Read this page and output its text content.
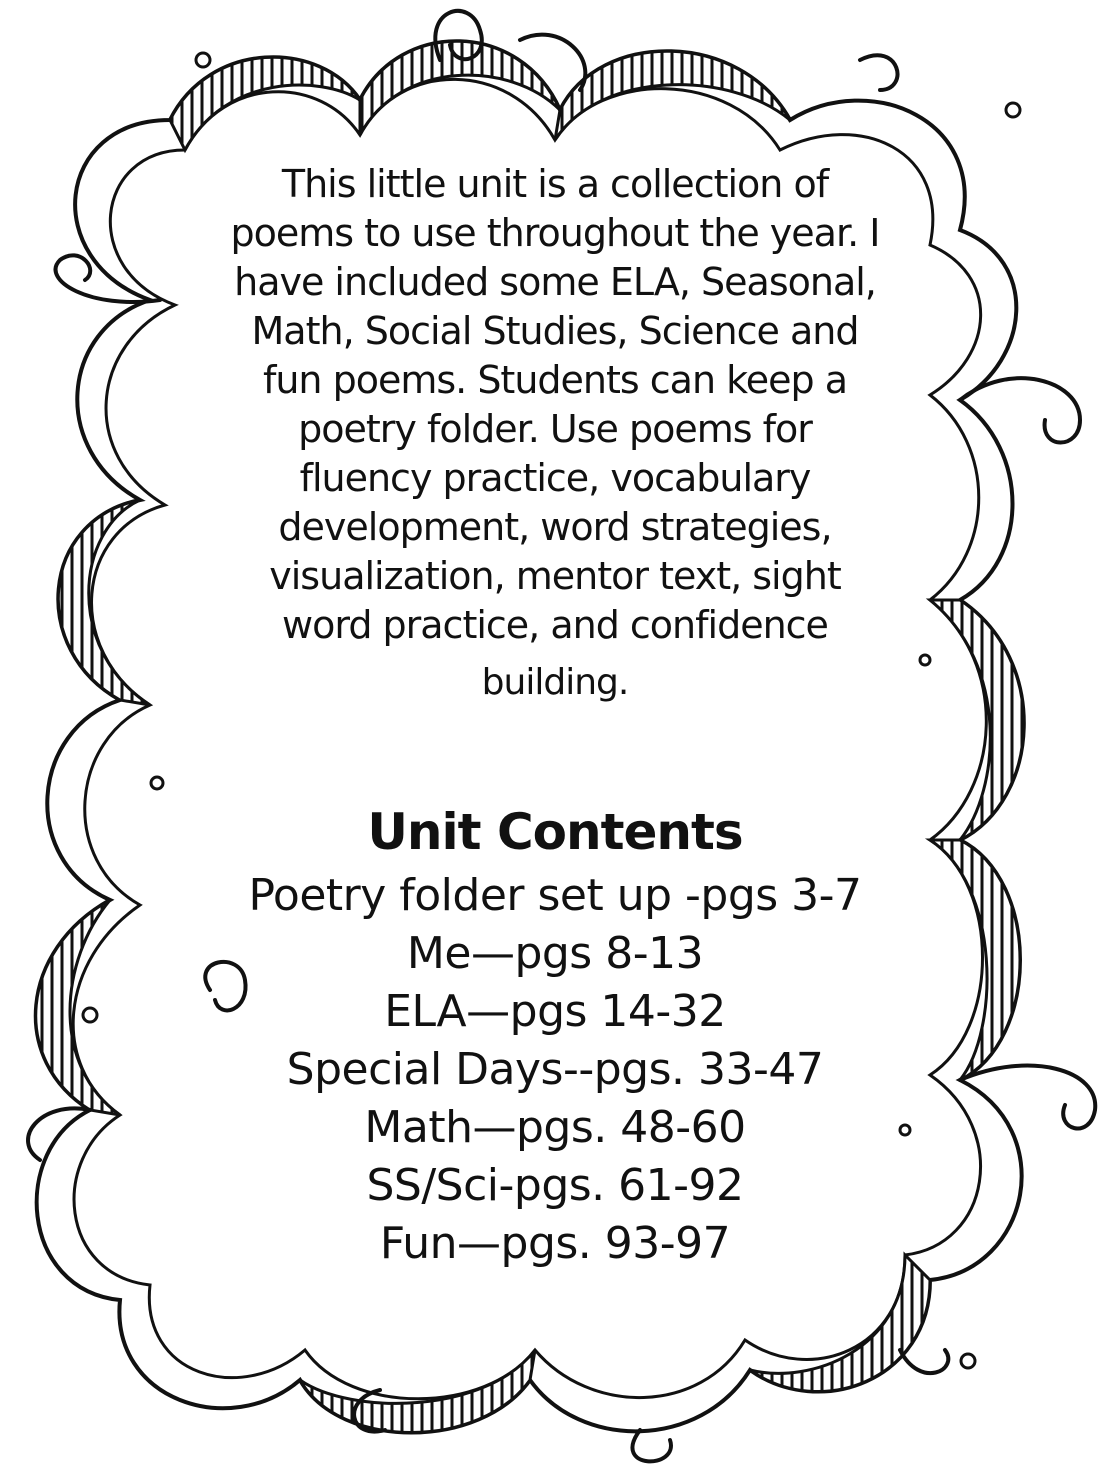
This little unit is a collection of
poems to use throughout the year. I
have included some ELA, Seasonal,
Math, Social Studies, Science and
fun poems. Students can keep a
poetry folder. Use poems for
fluency practice, vocabulary
development, word strategies,
visualization, mentor text, sight
word practice, and confidence
building.

Unit Contents
Poetry folder set up -pgs 3-7
Me—pgs 8-13
ELA—pgs 14-32
Special Days--pgs. 33-47
Math—pgs. 48-60
SS/Sci-pgs. 61-92
Fun—pgs. 93-97
